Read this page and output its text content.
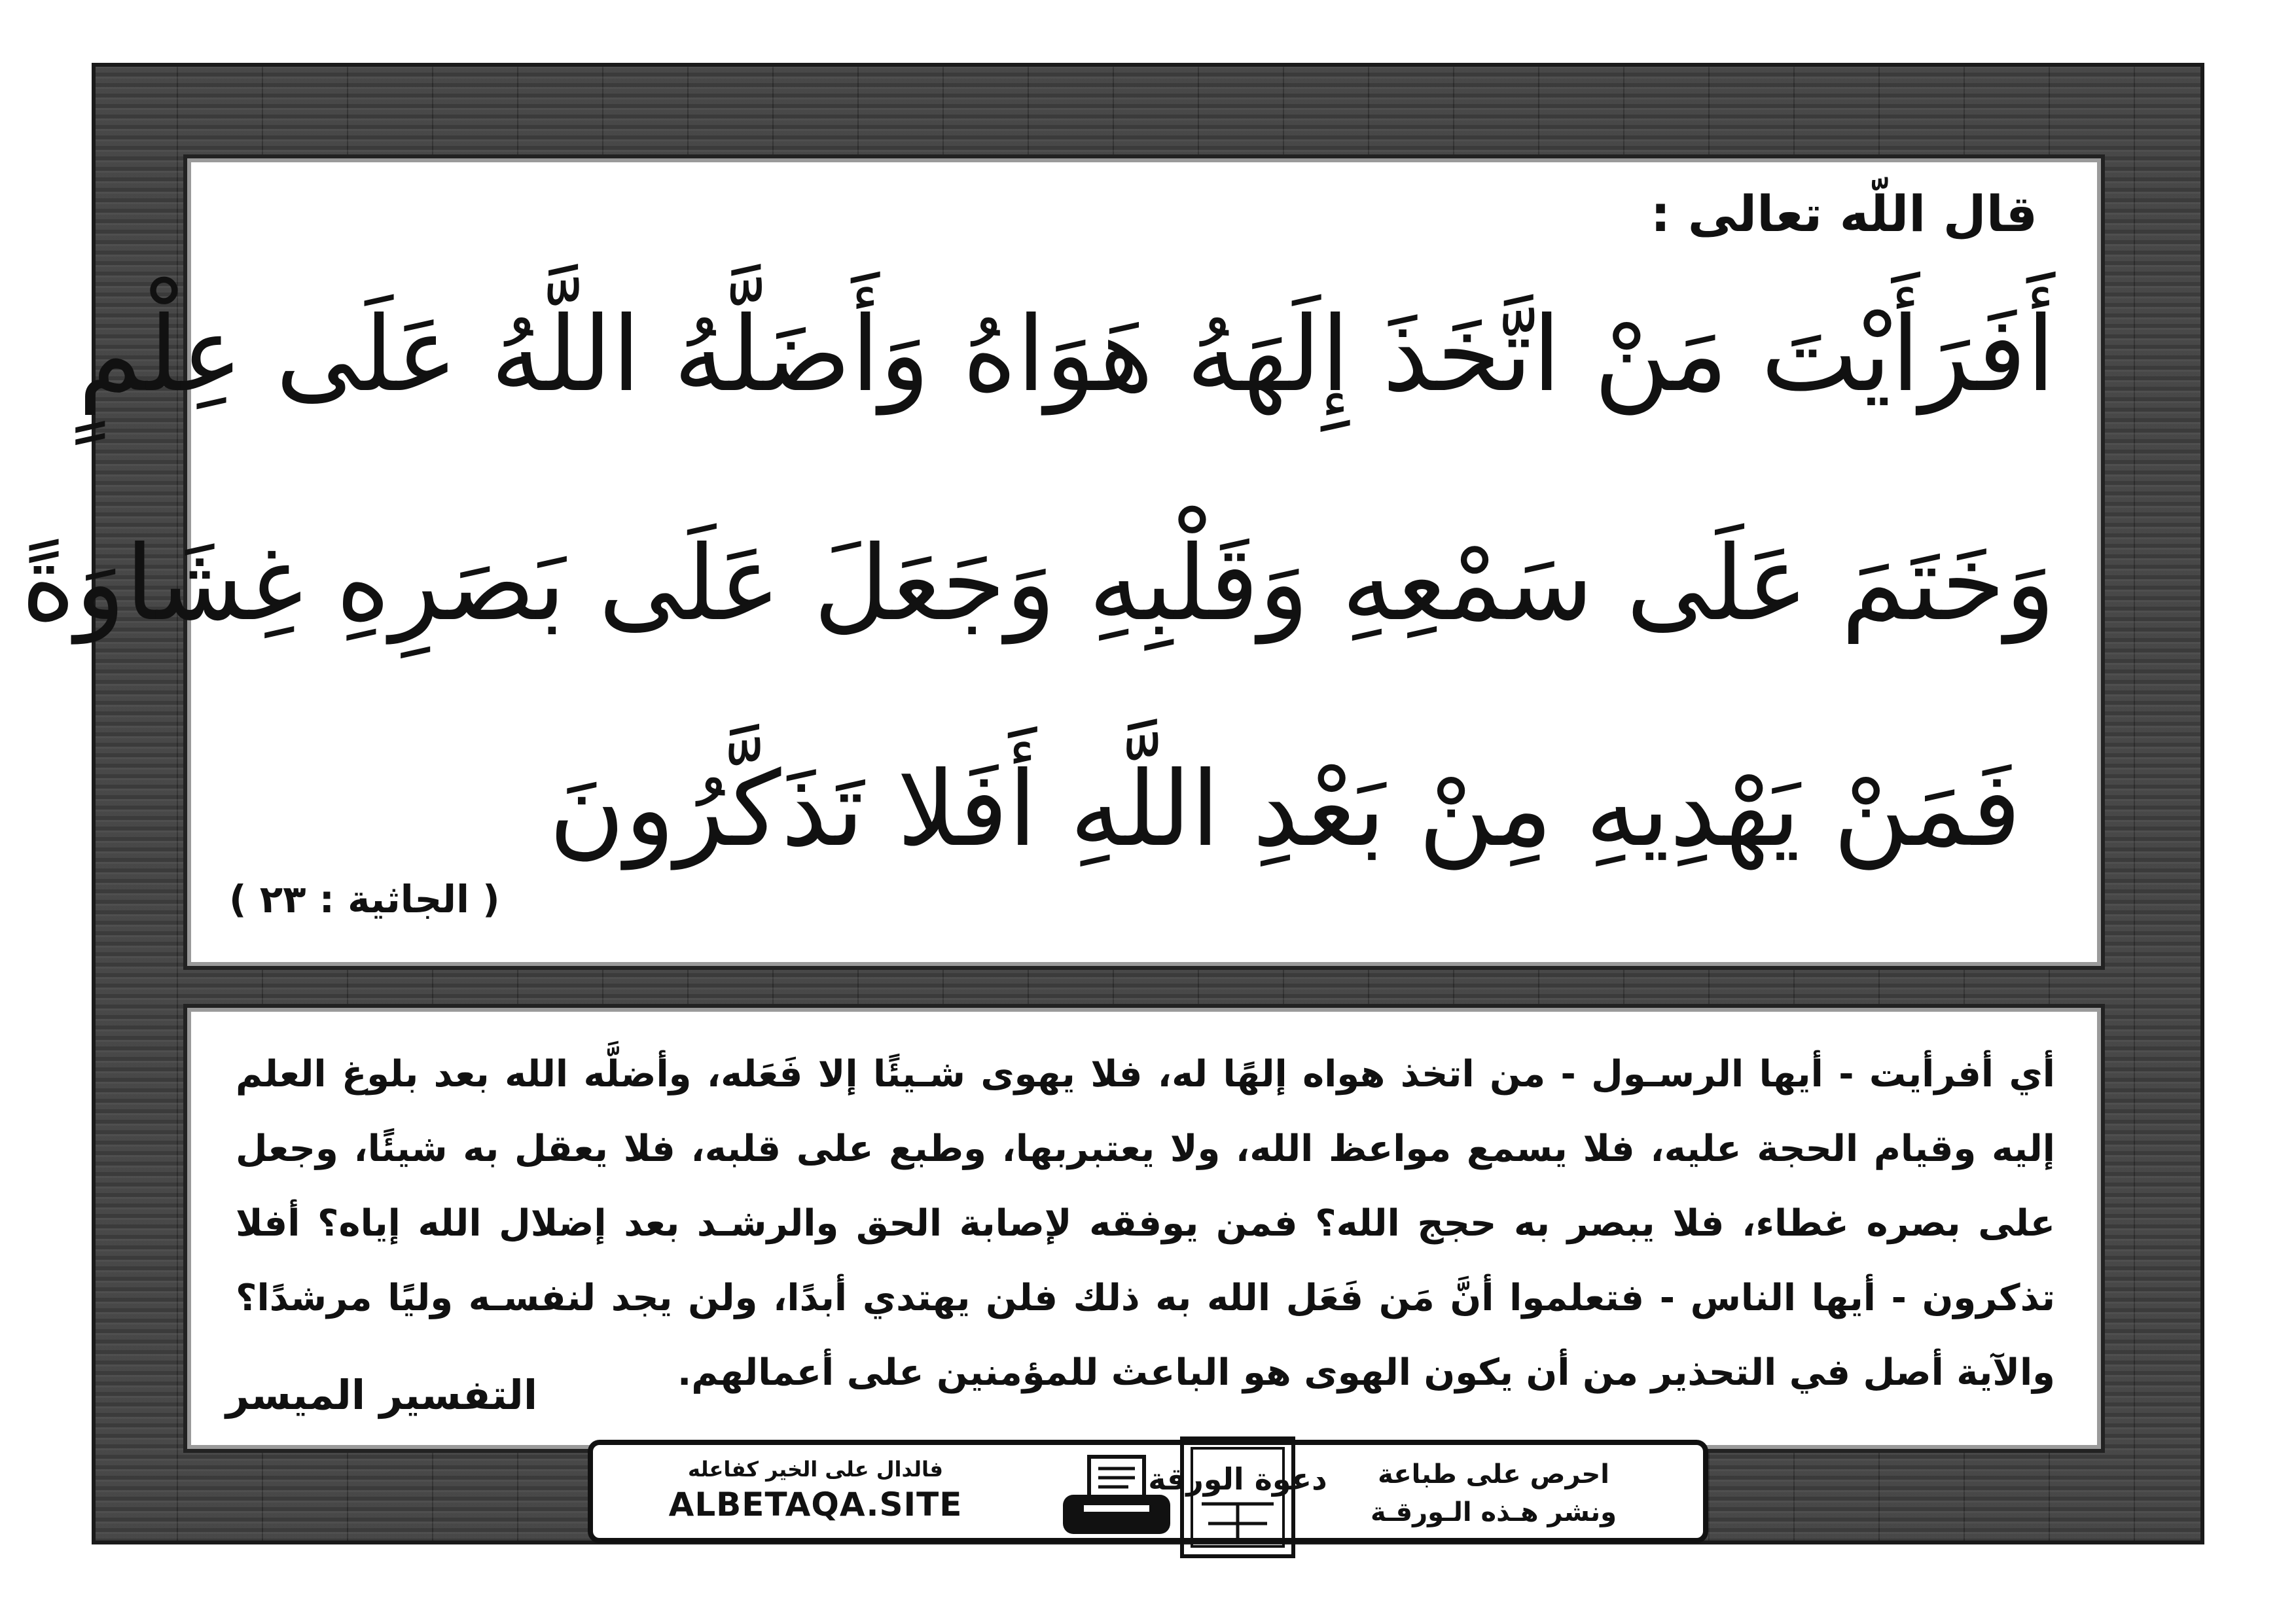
قال اللّه تعالى :
أَفَرَأَيْتَ مَنْ اتَّخَذَ إِلَهَهُ هَوَاهُ وَأَضَلَّهُ اللَّهُ عَلَى عِلْمٍ
وَخَتَمَ عَلَى سَمْعِهِ وَقَلْبِهِ وَجَعَلَ عَلَى بَصَرِهِ غِشَاوَةً
فَمَنْ يَهْدِيهِ مِنْ بَعْدِ اللَّهِ أَفَلا تَذَكَّرُونَ
( الجاثية : ٢٣ )
أي أفرأيت - أيها الرسـول - من اتخذ هواه إلهًا له، فلا يهوى شـيئًا إلا فَعَله، وأضلَّه الله بعد بلوغ العلم إليه وقيام الحجة عليه، فلا يسمع مواعظ الله، ولا يعتبربها، وطبع على قلبه، فلا يعقل به شيئًا، وجعل على بصره غطاء، فلا يبصر به حجج الله؟ فمن يوفقه لإصابة الحق والرشـد بعد إضلال الله إياه؟ أفلا تذكرون - أيها الناس - فتعلموا أنَّ مَن فَعَل الله به ذلك فلن يهتدي أبدًا، ولن يجد لنفسـه وليًا مرشدًا؟ والآية أصل في التحذير من أن يكون الهوى هو الباعث للمؤمنين على أعمالهم.
التفسير الميسر
فالدال على الخير كفاعله
ALBETAQA.SITE
دعوة الورقة	احرص على طباعة
ونشر هـذه الـورقـة
